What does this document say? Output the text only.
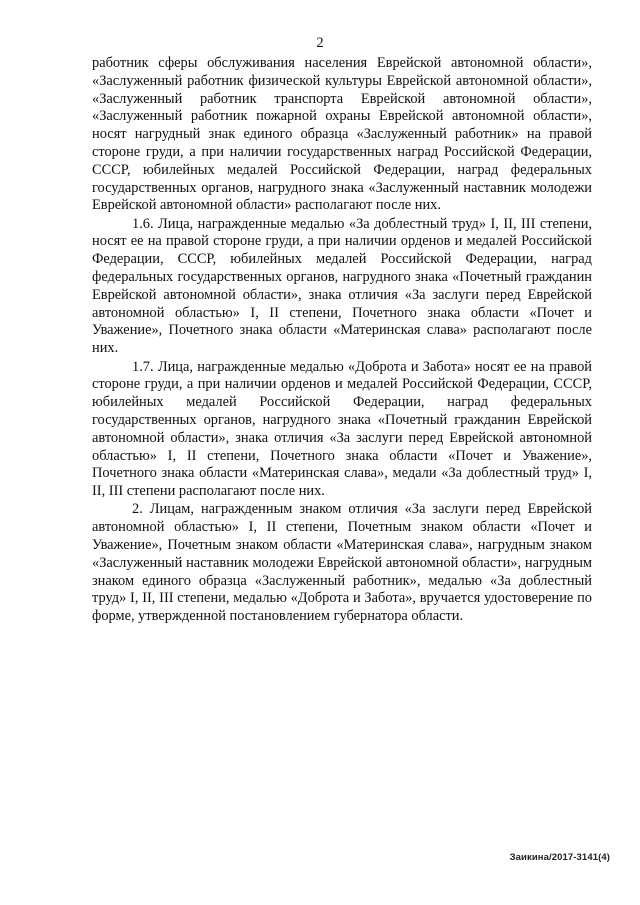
2

работник сферы обслуживания населения Еврейской автономной области», «Заслуженный работник физической культуры Еврейской автономной области», «Заслуженный работник транспорта Еврейской автономной области», «Заслуженный работник пожарной охраны Еврейской автономной области», носят нагрудный знак единого образца «Заслуженный работник» на правой стороне груди, а при наличии государственных наград Российской Федерации, СССР, юбилейных медалей Российской Федерации, наград федеральных государственных органов, нагрудного знака «Заслуженный наставник молодежи Еврейской автономной области» располагают после них.

1.6. Лица, награжденные медалью «За доблестный труд» I, II, III степени, носят ее на правой стороне груди, а при наличии орденов и медалей Российской Федерации, СССР, юбилейных медалей Российской Федерации, наград федеральных государственных органов, нагрудного знака «Почетный гражданин Еврейской автономной области», знака отличия «За заслуги перед Еврейской автономной областью» I, II степени, Почетного знака области «Почет и Уважение», Почетного знака области «Материнская слава» располагают после них.

1.7. Лица, награжденные медалью «Доброта и Забота» носят ее на правой стороне груди, а при наличии орденов и медалей Российской Федерации, СССР, юбилейных медалей Российской Федерации, наград федеральных государственных органов, нагрудного знака «Почетный гражданин Еврейской автономной области», знака отличия «За заслуги перед Еврейской автономной областью» I, II степени, Почетного знака области «Почет и Уважение», Почетного знака области «Материнская слава», медали «За доблестный труд» I, II, III степени располагают после них.

2. Лицам, награжденным знаком отличия «За заслуги перед Еврейской автономной областью» I, II степени, Почетным знаком области «Почет и Уважение», Почетным знаком области «Материнская слава», нагрудным знаком «Заслуженный наставник молодежи Еврейской автономной области», нагрудным знаком единого образца «Заслуженный работник», медалью «За доблестный труд» I, II, III степени, медалью «Доброта и Забота», вручается удостоверение по форме, утвержденной постановлением губернатора области.

Заикина/2017-3141(4)
